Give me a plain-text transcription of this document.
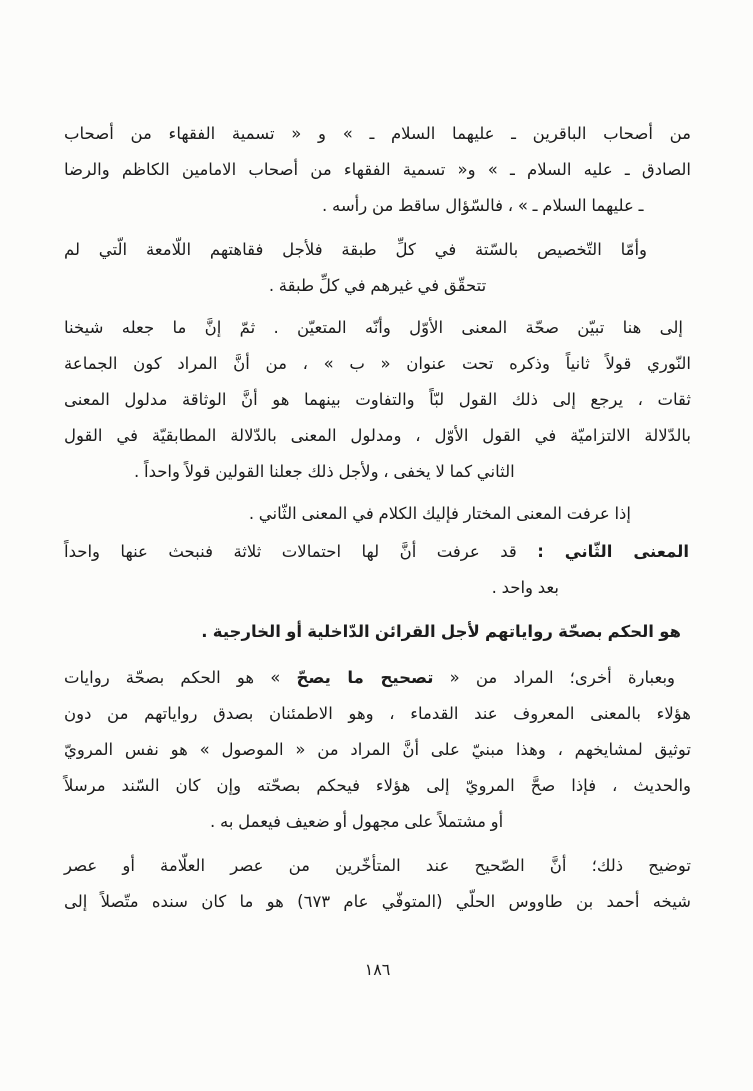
من أصحاب الباقرين ـ عليهما السلام ـ » و « تسمية الفقهاء من أصحاب
الصادق ـ عليه السلام ـ » و« تسمية الفقهاء من أصحاب الامامين الكاظم والرضا
ـ عليهما السلام ـ » ، فالسّؤال ساقط من رأسه .
وأمّا التّخصيص بالسّتة في كلِّ طبقة فلأجل فقاهتهم اللّامعة الّتي لم
تتحقّق في غيرهم في كلِّ طبقة .
إلى هنا تبيّن صحّة المعنى الأوّل وأنّه المتعيّن . ثمّ إنَّ ما جعله شيخنا
النّوري قولاً ثانياً وذكره تحت عنوان « ب » ، من أنَّ المراد كون الجماعة
ثقات ، يرجع إلى ذلك القول لبّاً والتفاوت بينهما هو أنَّ الوثاقة مدلول المعنى
بالدّلالة الالتزاميّة في القول الأوّل ، ومدلول المعنى بالدّلالة المطابقيّة في القول
الثاني كما لا يخفى ، ولأجل ذلك جعلنا القولين قولاً واحداً .
إذا عرفت المعنى المختار فإليك الكلام في المعنى الثّاني .
المعنى الثّاني : قد عرفت أنَّ لها احتمالات ثلاثة فنبحث عنها واحداً
بعد واحد .
هو الحكم بصحّة رواياتهم لأجل القرائن الدّاخلية أو الخارجية .
وبعبارة أخرى؛ المراد من « تصحيح ما يصحّ » هو الحكم بصحّة روايات
هؤلاء بالمعنى المعروف عند القدماء ، وهو الاطمئنان بصدق رواياتهم من دون
توثيق لمشايخهم ، وهذا مبنيّ على أنَّ المراد من « الموصول » هو نفس المرويّ
والحديث ، فإذا صحَّ المرويّ إلى هؤلاء فيحكم بصحّته وإن كان السّند مرسلاً
أو مشتملاً على مجهول أو ضعيف فيعمل به .
توضيح ذلك؛ أنَّ الصّحيح عند المتأخّرين من عصر العلّامة أو عصر
شيخه أحمد بن طاووس الحلّي (المتوفّي عام ٦٧٣) هو ما كان سنده متّصلاً إلى
١٨٦
